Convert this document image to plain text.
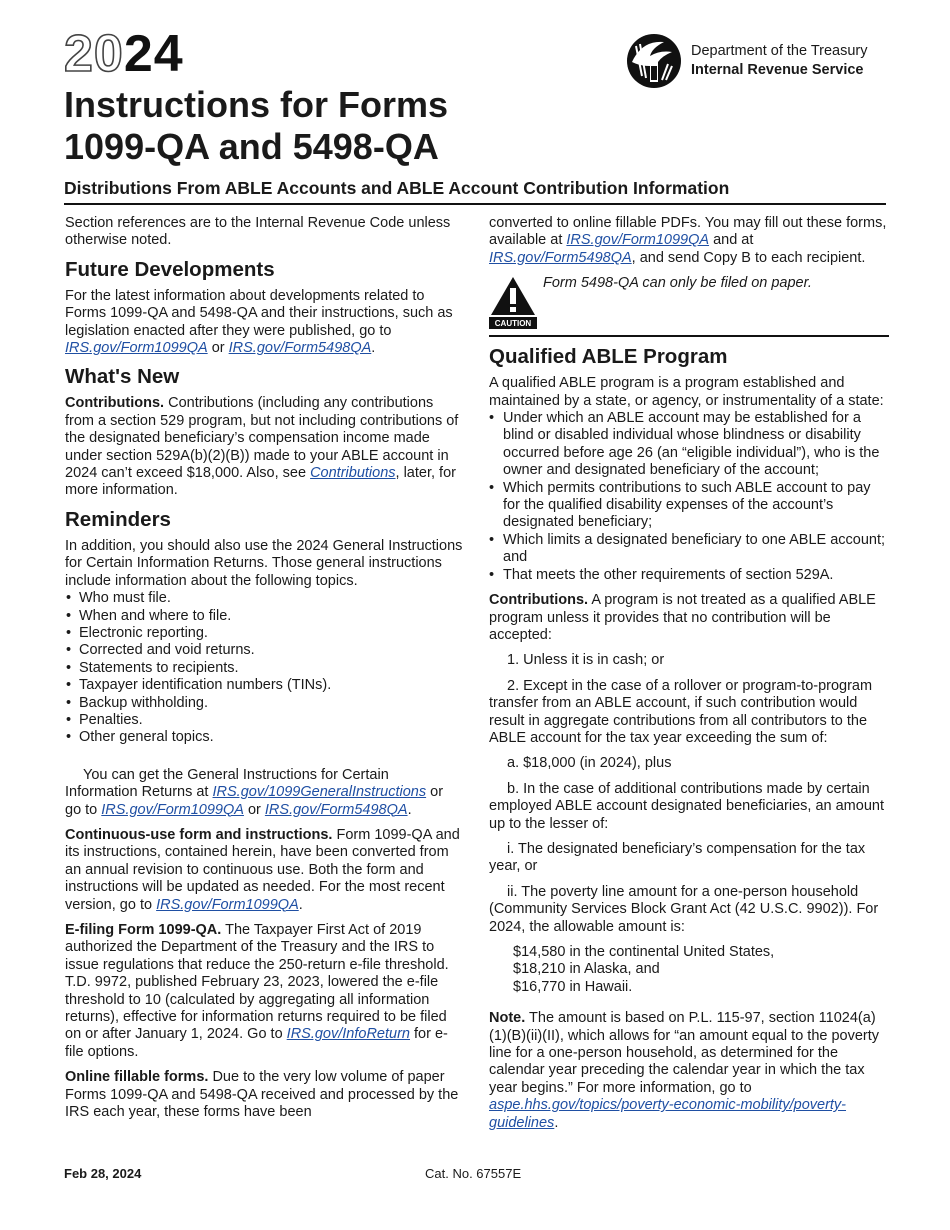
2024	Department of the Treasury
Internal Revenue Service
Instructions for Forms
1099-QA and 5498-QA
Distributions From ABLE Accounts and ABLE Account Contribution Information

Section references are to the Internal Revenue Code unless otherwise noted.

Future Developments

For the latest information about developments related to Forms 1099-QA and 5498-QA and their instructions, such as legislation enacted after they were published, go to IRS.gov/Form1099QA or IRS.gov/Form5498QA.

What's New

Contributions. Contributions (including any contributions from a section 529 program, but not including contributions of the designated beneficiary’s compensation income made under section 529A(b)(2)(B)) made to your ABLE account in 2024 can’t exceed $18,000. Also, see Contributions, later, for more information.

Reminders

In addition, you should also use the 2024 General Instructions for Certain Information Returns. Those general instructions include information about the following topics.

• Who must file.
• When and where to file.
• Electronic reporting.
• Corrected and void returns.
• Statements to recipients.
• Taxpayer identification numbers (TINs).
• Backup withholding.
• Penalties.
• Other general topics.

You can get the General Instructions for Certain Information Returns at IRS.gov/1099GeneralInstructions or go to IRS.gov/Form1099QA or IRS.gov/Form5498QA.

Continuous-use form and instructions. Form 1099-QA and its instructions, contained herein, have been converted from an annual revision to continuous use. Both the form and instructions will be updated as needed. For the most recent version, go to IRS.gov/Form1099QA.

E-filing Form 1099-QA. The Taxpayer First Act of 2019 authorized the Department of the Treasury and the IRS to issue regulations that reduce the 250-return e-file threshold. T.D. 9972, published February 23, 2023, lowered the e-file threshold to 10 (calculated by aggregating all information returns), effective for information returns required to be filed on or after January 1, 2024. Go to IRS.gov/InfoReturn for e-file options.

Online fillable forms. Due to the very low volume of paper Forms 1099-QA and 5498-QA received and processed by the IRS each year, these forms have been

converted to online fillable PDFs. You may fill out these forms, available at IRS.gov/Form1099QA and at IRS.gov/Form5498QA, and send Copy B to each recipient.

CAUTION
Form 5498-QA can only be filed on paper.
Qualified ABLE Program

A qualified ABLE program is a program established and maintained by a state, or agency, or instrumentality of a state:

• Under which an ABLE account may be established for a blind or disabled individual whose blindness or disability occurred before age 26 (an “eligible individual”), who is the owner and designated beneficiary of the account;
• Which permits contributions to such ABLE account to pay for the qualified disability expenses of the account’s designated beneficiary;
• Which limits a designated beneficiary to one ABLE account; and
• That meets the other requirements of section 529A.

Contributions. A program is not treated as a qualified ABLE program unless it provides that no contribution will be accepted:

1. Unless it is in cash; or

2. Except in the case of a rollover or program-to-program transfer from an ABLE account, if such contribution would result in aggregate contributions from all contributors to the ABLE account for the tax year exceeding the sum of:

a. $18,000 (in 2024), plus

b. In the case of additional contributions made by certain employed ABLE account designated beneficiaries, an amount up to the lesser of:

i. The designated beneficiary’s compensation for the tax year, or

ii. The poverty line amount for a one-person household (Community Services Block Grant Act (42 U.S.C. 9902)). For 2024, the allowable amount is:

$14,580 in the continental United States,
$18,210 in Alaska, and
$16,770 in Hawaii.

Note. The amount is based on P.L. 115-97, section 11024(a)(1)(B)(ii)(II), which allows for “an amount equal to the poverty line for a one-person household, as determined for the calendar year preceding the calendar year in which the tax year begins.” For more information, go to aspe.hhs.gov/topics/poverty-economic-mobility/poverty-guidelines.

Feb 28, 2024	Cat. No. 67557E
